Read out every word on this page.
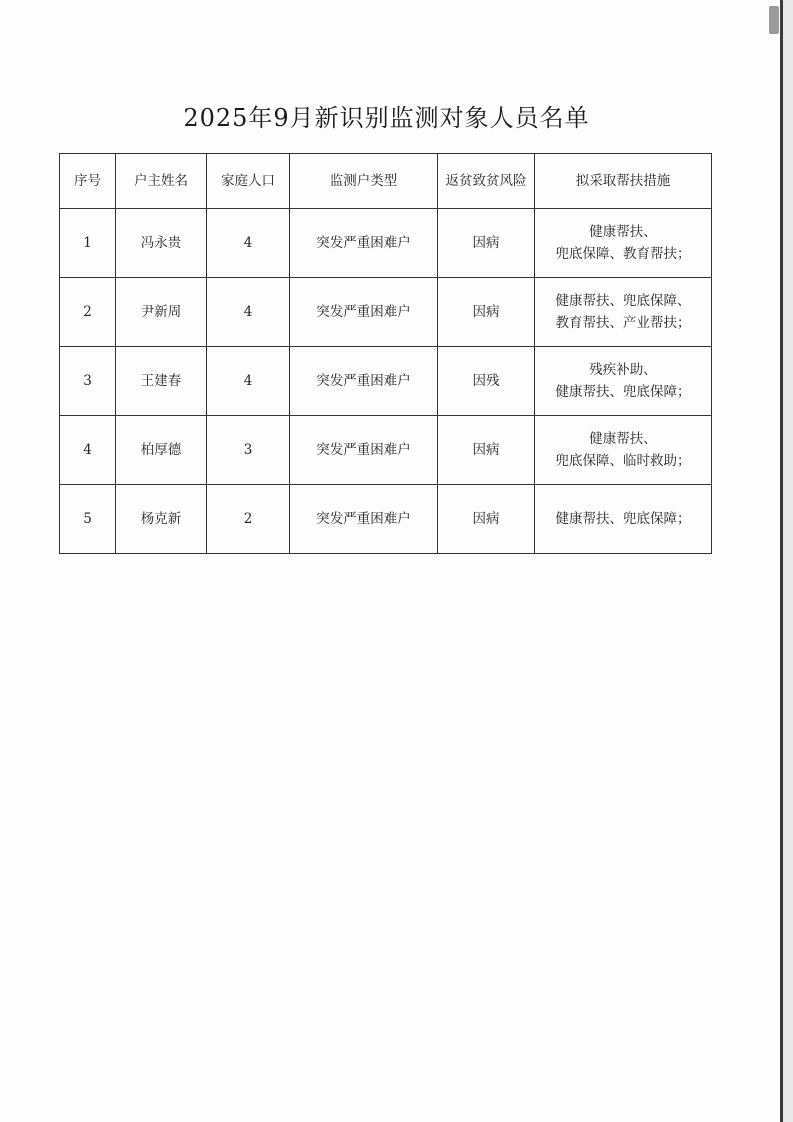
2025年9月新识别监测对象人员名单
序号	户主姓名	家庭人口	监测户类型	返贫致贫风险	拟采取帮扶措施
1	冯永贵	4	突发严重困难户	因病	健康帮扶、
兜底保障、教育帮扶；

2	尹新周	4	突发严重困难户	因病	健康帮扶、兜底保障、
教育帮扶、产业帮扶；

3	王建春	4	突发严重困难户	因残	残疾补助、
健康帮扶、兜底保障；

4	柏厚德	3	突发严重困难户	因病	健康帮扶、
兜底保障、临时救助；

5	杨克新	2	突发严重困难户	因病	健康帮扶、兜底保障；
